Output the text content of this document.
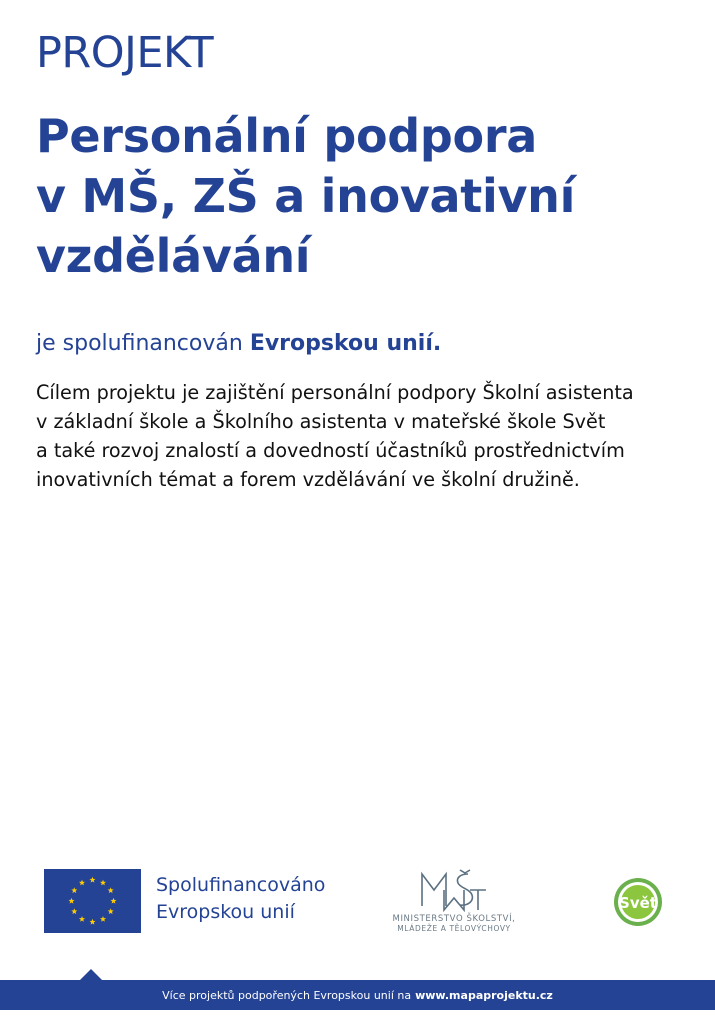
PROJEKT
Personální podpora
v MŠ, ZŠ a inovativní
vzdělávání

je spolufinancován Evropskou unií.

Cílem projektu je zajištění personální podpory Školní asistenta
v základní škole a Školního asistenta v mateřské škole Svět
a také rozvoj znalostí a dovedností účastníků prostřednictvím
inovativních témat a forem vzdělávání ve školní družině.

Spolufinancováno
Evropskou unií	MINISTERSTVO ŠKOLSTVÍ,
MLÁDEŽE A TĚLOVÝCHOVY
Svět
Více projektů podpořených Evropskou unií na www.mapaprojektu.cz
